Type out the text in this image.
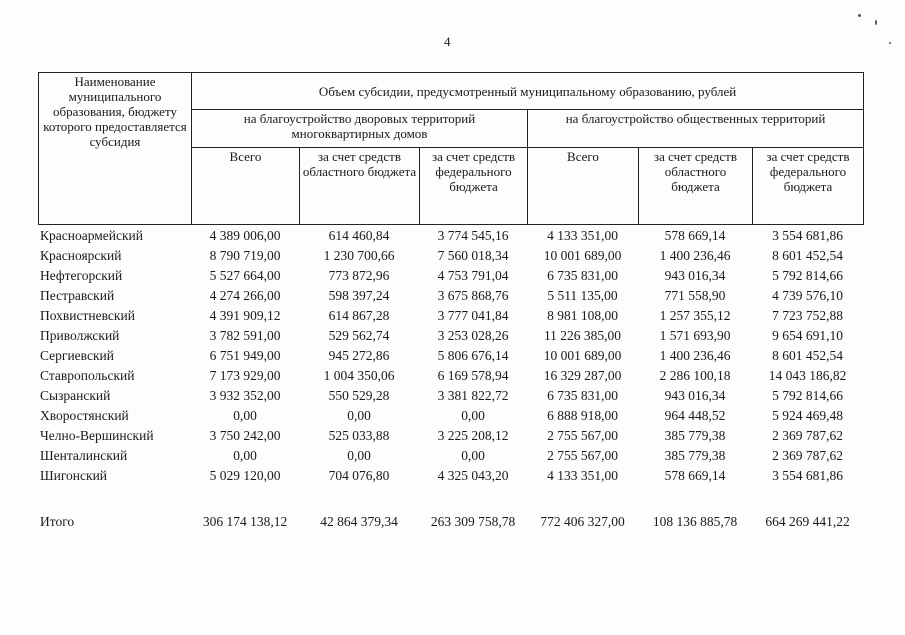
4
Наименование муниципального образования, бюджету которого предоставляется субсидия	Объем субсидии, предусмотренный муниципальному образованию, рублей					
	на благоустройство дворовых территорий многоквартирных домов			на благоустройство общественных территорий		
	Всего	за счет средств областного бюджета	за счет средств федерального бюджета	Всего	за счет средств областного бюджета	за счет средств федерального бюджета
Красноармейский	4 389 006,00	614 460,84	3 774 545,16	4 133 351,00	578 669,14	3 554 681,86
Красноярский	8 790 719,00	1 230 700,66	7 560 018,34	10 001 689,00	1 400 236,46	8 601 452,54
Нефтегорский	5 527 664,00	773 872,96	4 753 791,04	6 735 831,00	943 016,34	5 792 814,66
Пестравский	4 274 266,00	598 397,24	3 675 868,76	5 511 135,00	771 558,90	4 739 576,10
Похвистневский	4 391 909,12	614 867,28	3 777 041,84	8 981 108,00	1 257 355,12	7 723 752,88
Приволжский	3 782 591,00	529 562,74	3 253 028,26	11 226 385,00	1 571 693,90	9 654 691,10
Сергиевский	6 751 949,00	945 272,86	5 806 676,14	10 001 689,00	1 400 236,46	8 601 452,54
Ставропольский	7 173 929,00	1 004 350,06	6 169 578,94	16 329 287,00	2 286 100,18	14 043 186,82
Сызранский	3 932 352,00	550 529,28	3 381 822,72	6 735 831,00	943 016,34	5 792 814,66
Хворостянский	0,00	0,00	0,00	6 888 918,00	964 448,52	5 924 469,48
Челно-Вершинский	3 750 242,00	525 033,88	3 225 208,12	2 755 567,00	385 779,38	2 369 787,62
Шенталинский	0,00	0,00	0,00	2 755 567,00	385 779,38	2 369 787,62
Шигонский	5 029 120,00	704 076,80	4 325 043,20	4 133 351,00	578 669,14	3 554 681,86
Итого	306 174 138,12	42 864 379,34	263 309 758,78	772 406 327,00	108 136 885,78	664 269 441,22
